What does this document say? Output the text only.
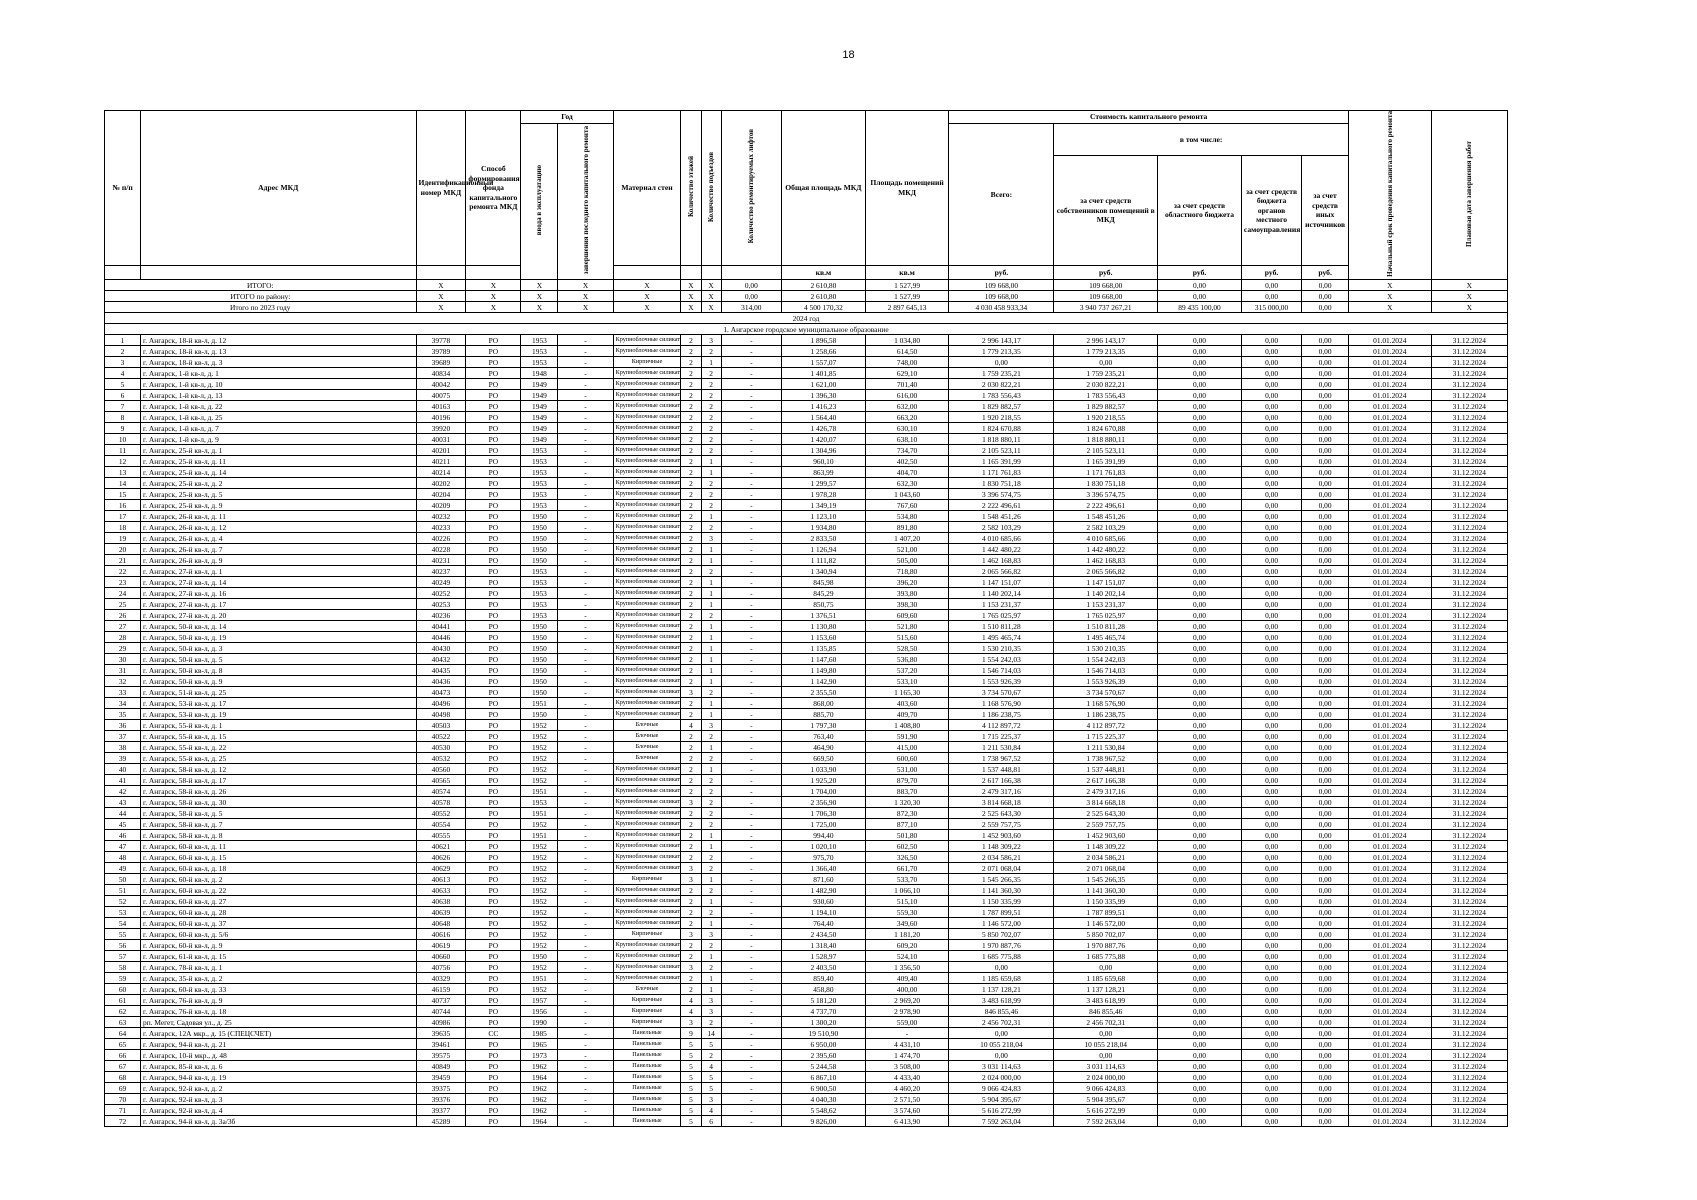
18
№ п/п	Адрес МКД	Идентификационный номер МКД	Способ формирования фонда капитального ремонта МКД	Год		Материал стен	Количество этажей	Количество подъездов	Количество ремонтируемых лифтов	Общая площадь МКД	Площадь помещений МКД	Стоимость капитального ремонта					Начальный срок проведения капитального ремонта	Плановая дата завершения работ
				ввода в эксплуатацию	завершения последнего капитального ремонта							Всего:	в том числе:					
													за счет средств собственников помещений в МКД	за счет средств областного бюджета	за счет средств бюджета органов местного самоуправления	за счет средств иных источников		
										кв.м	кв.м	руб.	руб.	руб.	руб.	руб.		
ИТОГО:		X	X	X	X	X	X	X	0,00	2 610,80	1 527,99	109 668,00	109 668,00	0,00	0,00	0,00	X	X
ИТОГО по району:		X	X	X	X	X	X	X	0,00	2 610,80	1 527,99	109 668,00	109 668,00	0,00	0,00	0,00	X	X
Итого по 2023 году		X	X	X	X	X	X	X	314,00	4 500 170,32	2 897 645,13	4 030 458 933,34	3 940 737 267,21	89 435 100,00	315 000,00	0,00	X	X
2024 год																		
1. Ангарское городское муниципальное образование																		
1	г. Ангарск, 18-й кв-л, д. 12	39778	РО	1953	-	Крупноблочные силикат	2	3	-	1 896,58	1 034,80	2 996 143,17	2 996 143,17	0,00	0,00	0,00	01.01.2024	31.12.2024
2	г. Ангарск, 18-й кв-л, д. 13	39789	РО	1953	-	Крупноблочные силикат	2	2	-	1 258,66	614,50	1 779 213,35	1 779 213,35	0,00	0,00	0,00	01.01.2024	31.12.2024
3	г. Ангарск, 18-й кв-л, д. 3	39689	РО	1953	-	Кирпичные	2	1	-	1 557,07	748,00	0,00	0,00	0,00	0,00	0,00	01.01.2024	31.12.2024
4	г. Ангарск, 1-й кв-л, д. 1	40834	РО	1948	-	Крупноблочные силикат	2	2	-	1 401,85	629,10	1 759 235,21	1 759 235,21	0,00	0,00	0,00	01.01.2024	31.12.2024
5	г. Ангарск, 1-й кв-л, д. 10	40042	РО	1949	-	Крупноблочные силикат	2	2	-	1 621,00	701,40	2 030 822,21	2 030 822,21	0,00	0,00	0,00	01.01.2024	31.12.2024
6	г. Ангарск, 1-й кв-л, д. 13	40075	РО	1949	-	Крупноблочные силикат	2	2	-	1 396,30	616,00	1 783 556,43	1 783 556,43	0,00	0,00	0,00	01.01.2024	31.12.2024
7	г. Ангарск, 1-й кв-л, д. 22	40163	РО	1949	-	Крупноблочные силикат	2	2	-	1 416,23	632,00	1 829 882,57	1 829 882,57	0,00	0,00	0,00	01.01.2024	31.12.2024
8	г. Ангарск, 1-й кв-л, д. 25	40196	РО	1949	-	Крупноблочные силикат	2	2	-	1 564,40	663,20	1 920 218,55	1 920 218,55	0,00	0,00	0,00	01.01.2024	31.12.2024
9	г. Ангарск, 1-й кв-л, д. 7	39920	РО	1949	-	Крупноблочные силикат	2	2	-	1 426,78	630,10	1 824 670,88	1 824 670,88	0,00	0,00	0,00	01.01.2024	31.12.2024
10	г. Ангарск, 1-й кв-л, д. 9	40031	РО	1949	-	Крупноблочные силикат	2	2	-	1 420,07	638,10	1 818 880,11	1 818 880,11	0,00	0,00	0,00	01.01.2024	31.12.2024
11	г. Ангарск, 25-й кв-л, д. 1	40201	РО	1953	-	Крупноблочные силикат	2	2	-	1 304,96	734,70	2 105 523,11	2 105 523,11	0,00	0,00	0,00	01.01.2024	31.12.2024
12	г. Ангарск, 25-й кв-л, д. 11	40211	РО	1953	-	Крупноблочные силикат	2	1	-	960,10	402,50	1 165 391,99	1 165 391,99	0,00	0,00	0,00	01.01.2024	31.12.2024
13	г. Ангарск, 25-й кв-л, д. 14	40214	РО	1953	-	Крупноблочные силикат	2	1	-	863,99	404,70	1 171 761,83	1 171 761,83	0,00	0,00	0,00	01.01.2024	31.12.2024
14	г. Ангарск, 25-й кв-л, д. 2	40202	РО	1953	-	Крупноблочные силикат	2	2	-	1 299,57	632,30	1 830 751,18	1 830 751,18	0,00	0,00	0,00	01.01.2024	31.12.2024
15	г. Ангарск, 25-й кв-л, д. 5	40204	РО	1953	-	Крупноблочные силикат	2	2	-	1 978,28	1 043,60	3 396 574,75	3 396 574,75	0,00	0,00	0,00	01.01.2024	31.12.2024
16	г. Ангарск, 25-й кв-л, д. 9	40209	РО	1953	-	Крупноблочные силикат	2	2	-	1 349,19	767,60	2 222 496,61	2 222 496,61	0,00	0,00	0,00	01.01.2024	31.12.2024
17	г. Ангарск, 26-й кв-л, д. 11	40232	РО	1950	-	Крупноблочные силикат	2	1	-	1 123,10	534,80	1 548 451,26	1 548 451,26	0,00	0,00	0,00	01.01.2024	31.12.2024
18	г. Ангарск, 26-й кв-л, д. 12	40233	РО	1950	-	Крупноблочные силикат	2	2	-	1 934,80	891,80	2 582 103,29	2 582 103,29	0,00	0,00	0,00	01.01.2024	31.12.2024
19	г. Ангарск, 26-й кв-л, д. 4	40226	РО	1950	-	Крупноблочные силикат	2	3	-	2 833,50	1 407,20	4 010 685,66	4 010 685,66	0,00	0,00	0,00	01.01.2024	31.12.2024
20	г. Ангарск, 26-й кв-л, д. 7	40228	РО	1950	-	Крупноблочные силикат	2	1	-	1 126,94	521,00	1 442 480,22	1 442 480,22	0,00	0,00	0,00	01.01.2024	31.12.2024
21	г. Ангарск, 26-й кв-л, д. 9	40231	РО	1950	-	Крупноблочные силикат	2	1	-	1 111,82	505,00	1 462 168,83	1 462 168,83	0,00	0,00	0,00	01.01.2024	31.12.2024
22	г. Ангарск, 27-й кв-л, д. 1	40237	РО	1953	-	Крупноблочные силикат	2	2	-	1 340,94	718,80	2 065 566,82	2 065 566,82	0,00	0,00	0,00	01.01.2024	31.12.2024
23	г. Ангарск, 27-й кв-л, д. 14	40249	РО	1953	-	Крупноблочные силикат	2	1	-	845,98	396,20	1 147 151,07	1 147 151,07	0,00	0,00	0,00	01.01.2024	31.12.2024
24	г. Ангарск, 27-й кв-л, д. 16	40252	РО	1953	-	Крупноблочные силикат	2	1	-	845,29	393,80	1 140 202,14	1 140 202,14	0,00	0,00	0,00	01.01.2024	31.12.2024
25	г. Ангарск, 27-й кв-л, д. 17	40253	РО	1953	-	Крупноблочные силикат	2	1	-	850,75	398,30	1 153 231,37	1 153 231,37	0,00	0,00	0,00	01.01.2024	31.12.2024
26	г. Ангарск, 27-й кв-л, д. 20	40236	РО	1953	-	Крупноблочные силикат	2	2	-	1 376,51	609,60	1 765 025,97	1 765 025,97	0,00	0,00	0,00	01.01.2024	31.12.2024
27	г. Ангарск, 50-й кв-л, д. 14	40441	РО	1950	-	Крупноблочные силикат	2	1	-	1 130,80	521,80	1 510 811,28	1 510 811,28	0,00	0,00	0,00	01.01.2024	31.12.2024
28	г. Ангарск, 50-й кв-л, д. 19	40446	РО	1950	-	Крупноблочные силикат	2	1	-	1 153,60	515,60	1 495 465,74	1 495 465,74	0,00	0,00	0,00	01.01.2024	31.12.2024
29	г. Ангарск, 50-й кв-л, д. 3	40430	РО	1950	-	Крупноблочные силикат	2	1	-	1 135,85	528,50	1 530 210,35	1 530 210,35	0,00	0,00	0,00	01.01.2024	31.12.2024
30	г. Ангарск, 50-й кв-л, д. 5	40432	РО	1950	-	Крупноблочные силикат	2	1	-	1 147,60	536,80	1 554 242,03	1 554 242,03	0,00	0,00	0,00	01.01.2024	31.12.2024
31	г. Ангарск, 50-й кв-л, д. 8	40435	РО	1950	-	Крупноблочные силикат	2	1	-	1 149,80	537,20	1 546 714,03	1 546 714,03	0,00	0,00	0,00	01.01.2024	31.12.2024
32	г. Ангарск, 50-й кв-л, д. 9	40436	РО	1950	-	Крупноблочные силикат	2	1	-	1 142,90	533,10	1 553 926,39	1 553 926,39	0,00	0,00	0,00	01.01.2024	31.12.2024
33	г. Ангарск, 51-й кв-л, д. 25	40473	РО	1950	-	Крупноблочные силикат	3	2	-	2 355,50	1 165,30	3 734 570,67	3 734 570,67	0,00	0,00	0,00	01.01.2024	31.12.2024
34	г. Ангарск, 53-й кв-л, д. 17	40496	РО	1951	-	Крупноблочные силикат	2	1	-	868,00	403,60	1 168 576,90	1 168 576,90	0,00	0,00	0,00	01.01.2024	31.12.2024
35	г. Ангарск, 53-й кв-л, д. 19	40498	РО	1950	-	Крупноблочные силикат	2	1	-	885,70	409,70	1 186 238,75	1 186 238,75	0,00	0,00	0,00	01.01.2024	31.12.2024
36	г. Ангарск, 55-й кв-л, д. 1	40503	РО	1952	-	Блочные	4	3	-	1 797,30	1 408,80	4 112 897,72	4 112 897,72	0,00	0,00	0,00	01.01.2024	31.12.2024
37	г. Ангарск, 55-й кв-л, д. 15	40522	РО	1952	-	Блочные	2	2	-	763,40	591,90	1 715 225,37	1 715 225,37	0,00	0,00	0,00	01.01.2024	31.12.2024
38	г. Ангарск, 55-й кв-л, д. 22	40530	РО	1952	-	Блочные	2	1	-	464,90	415,00	1 211 530,84	1 211 530,84	0,00	0,00	0,00	01.01.2024	31.12.2024
39	г. Ангарск, 55-й кв-л, д. 25	40532	РО	1952	-	Блочные	2	2	-	669,50	600,60	1 738 967,52	1 738 967,52	0,00	0,00	0,00	01.01.2024	31.12.2024
40	г. Ангарск, 58-й кв-л, д. 12	40560	РО	1952	-	Крупноблочные силикат	2	1	-	1 033,90	531,00	1 537 448,81	1 537 448,81	0,00	0,00	0,00	01.01.2024	31.12.2024
41	г. Ангарск, 58-й кв-л, д. 17	40565	РО	1952	-	Крупноблочные силикат	2	2	-	1 925,20	879,70	2 617 166,38	2 617 166,38	0,00	0,00	0,00	01.01.2024	31.12.2024
42	г. Ангарск, 58-й кв-л, д. 26	40574	РО	1951	-	Крупноблочные силикат	2	2	-	1 704,00	883,70	2 479 317,16	2 479 317,16	0,00	0,00	0,00	01.01.2024	31.12.2024
43	г. Ангарск, 58-й кв-л, д. 30	40578	РО	1953	-	Крупноблочные силикат	3	2	-	2 356,90	1 320,30	3 814 668,18	3 814 668,18	0,00	0,00	0,00	01.01.2024	31.12.2024
44	г. Ангарск, 58-й кв-л, д. 5	40552	РО	1951	-	Крупноблочные силикат	2	2	-	1 706,30	872,30	2 525 643,30	2 525 643,30	0,00	0,00	0,00	01.01.2024	31.12.2024
45	г. Ангарск, 58-й кв-л, д. 7	40554	РО	1952	-	Крупноблочные силикат	2	2	-	1 725,00	877,10	2 559 757,75	2 559 757,75	0,00	0,00	0,00	01.01.2024	31.12.2024
46	г. Ангарск, 58-й кв-л, д. 8	40555	РО	1951	-	Крупноблочные силикат	2	1	-	994,40	501,80	1 452 903,60	1 452 903,60	0,00	0,00	0,00	01.01.2024	31.12.2024
47	г. Ангарск, 60-й кв-л, д. 11	40621	РО	1952	-	Крупноблочные силикат	2	1	-	1 020,10	602,50	1 148 309,22	1 148 309,22	0,00	0,00	0,00	01.01.2024	31.12.2024
48	г. Ангарск, 60-й кв-л, д. 15	40626	РО	1952	-	Крупноблочные силикат	2	2	-	975,70	326,50	2 034 586,21	2 034 586,21	0,00	0,00	0,00	01.01.2024	31.12.2024
49	г. Ангарск, 60-й кв-л, д. 18	40629	РО	1952	-	Крупноблочные силикат	3	2	-	1 366,40	661,70	2 071 068,04	2 071 068,04	0,00	0,00	0,00	01.01.2024	31.12.2024
50	г. Ангарск, 60-й кв-л, д. 2	40613	РО	1952	-	Кирпичные	3	1	-	871,60	533,70	1 545 266,35	1 545 266,35	0,00	0,00	0,00	01.01.2024	31.12.2024
51	г. Ангарск, 60-й кв-л, д. 22	40633	РО	1952	-	Крупноблочные силикат	2	2	-	1 482,90	1 066,10	1 141 360,30	1 141 360,30	0,00	0,00	0,00	01.01.2024	31.12.2024
52	г. Ангарск, 60-й кв-л, д. 27	40638	РО	1952	-	Крупноблочные силикат	2	1	-	930,60	515,10	1 150 335,99	1 150 335,99	0,00	0,00	0,00	01.01.2024	31.12.2024
53	г. Ангарск, 60-й кв-л, д. 28	40639	РО	1952	-	Крупноблочные силикат	2	2	-	1 194,10	559,30	1 787 899,51	1 787 899,51	0,00	0,00	0,00	01.01.2024	31.12.2024
54	г. Ангарск, 60-й кв-л, д. 37	40648	РО	1952	-	Крупноблочные силикат	2	1	-	764,40	349,60	1 146 572,00	1 146 572,00	0,00	0,00	0,00	01.01.2024	31.12.2024
55	г. Ангарск, 60-й кв-л, д. 5/6	40616	РО	1952	-	Кирпичные	3	3	-	2 434,50	1 181,20	5 850 702,07	5 850 702,07	0,00	0,00	0,00	01.01.2024	31.12.2024
56	г. Ангарск, 60-й кв-л, д. 9	40619	РО	1952	-	Крупноблочные силикат	2	2	-	1 318,40	609,20	1 970 887,76	1 970 887,76	0,00	0,00	0,00	01.01.2024	31.12.2024
57	г. Ангарск, 61-й кв-л, д. 15	40660	РО	1950	-	Крупноблочные силикат	2	1	-	1 528,97	524,10	1 685 775,88	1 685 775,88	0,00	0,00	0,00	01.01.2024	31.12.2024
58	г. Ангарск, 78-й кв-л, д. 1	40756	РО	1952	-	Крупноблочные силикат	3	2	-	2 403,50	1 356,50	0,00	0,00	0,00	0,00	0,00	01.01.2024	31.12.2024
59	г. Ангарск, 35-й кв-л, д. 2	40329	РО	1951	-	Крупноблочные силикат	2	1	-	859,40	409,40	1 185 659,68	1 185 659,68	0,00	0,00	0,00	01.01.2024	31.12.2024
60	г. Ангарск, 60-й кв-л, д. 33	46159	РО	1952	-	Блочные	2	1	-	458,80	400,00	1 137 128,21	1 137 128,21	0,00	0,00	0,00	01.01.2024	31.12.2024
61	г. Ангарск, 76-й кв-л, д. 9	40737	РО	1957	-	Кирпичные	4	3	-	5 181,20	2 969,20	3 483 618,99	3 483 618,99	0,00	0,00	0,00	01.01.2024	31.12.2024
62	г. Ангарск, 76-й кв-л, д. 18	40744	РО	1956	-	Кирпичные	4	3	-	4 737,70	2 978,90	846 855,46	846 855,46	0,00	0,00	0,00	01.01.2024	31.12.2024
63	рп. Мегет, Садовая ул., д. 25	40986	РО	1990	-	Кирпичные	3	2	-	1 300,20	559,00	2 456 702,31	2 456 702,31	0,00	0,00	0,00	01.01.2024	31.12.2024
64	г. Ангарск, 12А мкр., д. 15 (СПЕЦСЧЕТ)	39635	СС	1985	-	Панельные	9	14	-	19 510,90	-	0,00	0,00	0,00	0,00	0,00	01.01.2024	31.12.2024
65	г. Ангарск, 94-й кв-л, д. 21	39461	РО	1965	-	Панельные	5	5	-	6 950,00	4 431,10	10 055 218,04	10 055 218,04	0,00	0,00	0,00	01.01.2024	31.12.2024
66	г. Ангарск, 10-й мкр., д. 48	39575	РО	1973	-	Панельные	5	2	-	2 395,60	1 474,70	0,00	0,00	0,00	0,00	0,00	01.01.2024	31.12.2024
67	г. Ангарск, 85-й кв-л, д. 6	40849	РО	1962	-	Панельные	5	4	-	5 244,58	3 508,00	3 031 114,63	3 031 114,63	0,00	0,00	0,00	01.01.2024	31.12.2024
68	г. Ангарск, 94-й кв-л, д. 19	39459	РО	1964	-	Панельные	5	5	-	6 867,10	4 433,40	2 024 000,00	2 024 000,00	0,00	0,00	0,00	01.01.2024	31.12.2024
69	г. Ангарск, 92-й кв-л, д. 2	39375	РО	1962	-	Панельные	5	5	-	6 900,50	4 460,20	9 066 424,83	9 066 424,83	0,00	0,00	0,00	01.01.2024	31.12.2024
70	г. Ангарск, 92-й кв-л, д. 3	39376	РО	1962	-	Панельные	5	3	-	4 040,30	2 571,50	5 904 395,67	5 904 395,67	0,00	0,00	0,00	01.01.2024	31.12.2024
71	г. Ангарск, 92-й кв-л, д. 4	39377	РО	1962	-	Панельные	5	4	-	5 548,62	3 574,60	5 616 272,99	5 616 272,99	0,00	0,00	0,00	01.01.2024	31.12.2024
72	г. Ангарск, 94-й кв-л, д. 3а/3б	45289	РО	1964	-	Панельные	5	6	-	9 826,00	6 413,90	7 592 263,04	7 592 263,04	0,00	0,00	0,00	01.01.2024	31.12.2024
